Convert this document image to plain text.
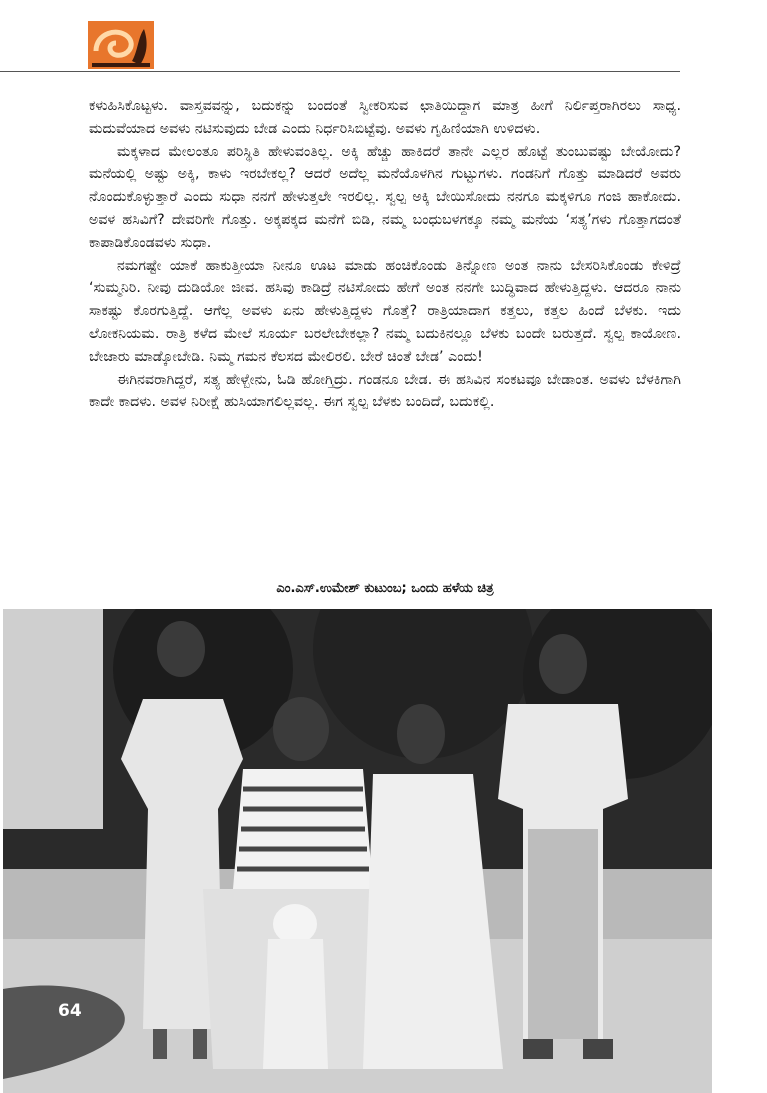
ಕಳುಹಿಸಿಕೊಟ್ಟಳು. ವಾಸ್ತವವನ್ನು, ಬದುಕನ್ನು ಬಂದಂತೆ ಸ್ವೀಕರಿಸುವ ಛಾತಿಯಿದ್ದಾಗ ಮಾತ್ರ ಹೀಗೆ ನಿರ್ಲಿಪ್ತರಾಗಿರಲು ಸಾಧ್ಯ. ಮದುವೆಯಾದ ಅವಳು ನಟಿಸುವುದು ಬೇಡ ಎಂದು ನಿರ್ಧರಿಸಿಬಿಟ್ಟೆವು. ಅವಳು ಗೃಹಿಣಿಯಾಗಿ ಉಳಿದಳು.

ಮಕ್ಕಳಾದ ಮೇಲಂತೂ ಪರಿಸ್ಥಿತಿ ಹೇಳುವಂತಿಲ್ಲ. ಅಕ್ಕಿ ಹೆಚ್ಚು ಹಾಕಿದರೆ ತಾನೇ ಎಲ್ಲರ ಹೊಟ್ಟೆ ತುಂಬುವಷ್ಟು ಬೇಯೋದು? ಮನೆಯಲ್ಲಿ ಅಷ್ಟು ಅಕ್ಕಿ, ಕಾಳು ಇರಬೇಕಲ್ಲ? ಆದರೆ ಅದೆಲ್ಲ ಮನೆಯೊಳಗಿನ ಗುಟ್ಟುಗಳು. ಗಂಡನಿಗೆ ಗೊತ್ತು ಮಾಡಿದರೆ ಅವರು ನೊಂದುಕೊಳ್ಳುತ್ತಾರೆ ಎಂದು ಸುಧಾ ನನಗೆ ಹೇಳುತ್ತಲೇ ಇರಲಿಲ್ಲ. ಸ್ವಲ್ಪ ಅಕ್ಕಿ ಬೇಯಿಸೋದು ನನಗೂ ಮಕ್ಕಳಿಗೂ ಗಂಜಿ ಹಾಕೋದು. ಅವಳ ಹಸಿವಿಗೆ? ದೇವರಿಗೇ ಗೊತ್ತು. ಅಕ್ಕಪಕ್ಕದ ಮನೆಗೆ ಬಿಡಿ, ನಮ್ಮ ಬಂಧುಬಳಗಕ್ಕೂ ನಮ್ಮ ಮನೆಯ ‘ಸತ್ಯ’ಗಳು ಗೊತ್ತಾಗದಂತೆ ಕಾಪಾಡಿಕೊಂಡವಳು ಸುಧಾ.

ನಮಗಷ್ಟೇ ಯಾಕೆ ಹಾಕುತ್ತೀಯಾ ನೀನೂ ಊಟ ಮಾಡು ಹಂಚಿಕೊಂಡು ತಿನ್ನೋಣ ಅಂತ ನಾನು ಬೇಸರಿಸಿಕೊಂಡು ಕೇಳಿದ್ರೆ ‘ಸುಮ್ಮನಿರಿ. ನೀವು ದುಡಿಯೋ ಜೀವ. ಹಸಿವು ಕಾಡಿದ್ರೆ ನಟಿಸೋದು ಹೇಗೆ ಅಂತ ನನಗೇ ಬುದ್ಧಿವಾದ ಹೇಳುತ್ತಿದ್ದಳು. ಆದರೂ ನಾನು ಸಾಕಷ್ಟು ಕೊರಗುತ್ತಿದ್ದೆ. ಆಗೆಲ್ಲ ಅವಳು ಏನು ಹೇಳುತ್ತಿದ್ದಳು ಗೊತ್ತೆ? ರಾತ್ರಿಯಾದಾಗ ಕತ್ತಲು, ಕತ್ತಲ ಹಿಂದೆ ಬೆಳಕು. ಇದು ಲೋಕನಿಯಮ. ರಾತ್ರಿ ಕಳೆದ ಮೇಲೆ ಸೂರ್ಯ ಬರಲೇಬೇಕಲ್ಲಾ? ನಮ್ಮ ಬದುಕಿನಲ್ಲೂ ಬೆಳಕು ಬಂದೇ ಬರುತ್ತದೆ. ಸ್ವಲ್ಪ ಕಾಯೋಣ. ಬೇಜಾರು ಮಾಡ್ಕೋಬೇಡಿ. ನಿಮ್ಮ ಗಮನ ಕೆಲಸದ ಮೇಲಿರಲಿ. ಬೇರೆ ಚಿಂತೆ ಬೇಡ’ ಎಂದು!

ಈಗಿನವರಾಗಿದ್ದರೆ, ಸತ್ಯ ಹೇಳ್ಬೇನು, ಓಡಿ ಹೋಗ್ತಿದ್ರು. ಗಂಡನೂ ಬೇಡ. ಈ ಹಸಿವಿನ ಸಂಕಟವೂ ಬೇಡಾಂತ. ಅವಳು ಬೆಳಕಿಗಾಗಿ ಕಾದೇ ಕಾದಳು. ಅವಳ ನಿರೀಕ್ಷೆ ಹುಸಿಯಾಗಲಿಲ್ಲವಲ್ಲ. ಈಗ ಸ್ವಲ್ಪ ಬೆಳಕು ಬಂದಿದೆ, ಬದುಕಲ್ಲಿ.

ಎಂ.ಎಸ್.ಉಮೇಶ್ ಕುಟುಂಬ; ಒಂದು ಹಳೆಯ ಚಿತ್ರ
64
